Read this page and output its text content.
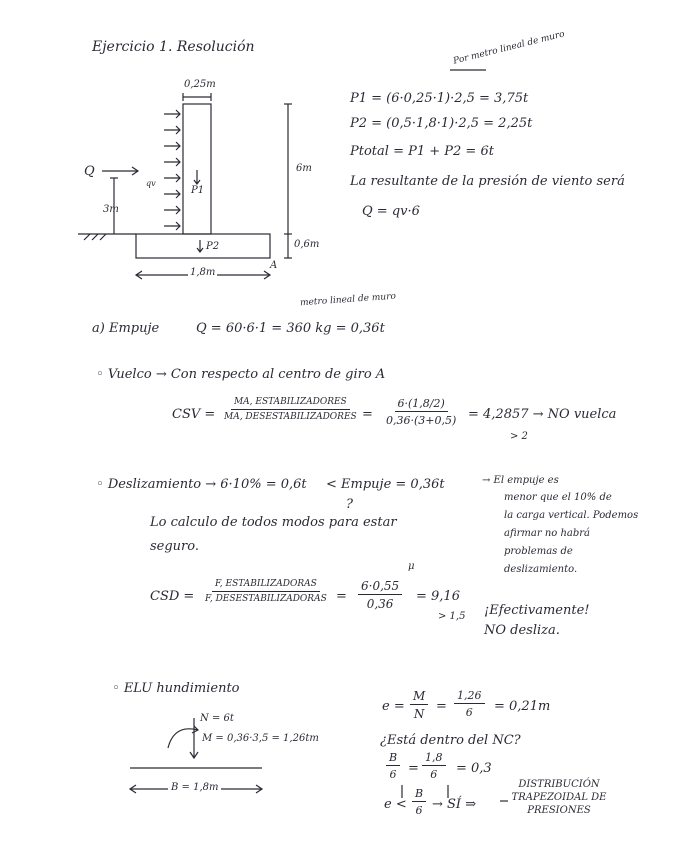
Ejercicio 1. Resolución
0,25m
6m
0,6m
1,8m
Q
qv
3m
P1
P2
A
Por metro lineal de muro
P1 = (6·0,25·1)·2,5 = 3,75t
P2 = (0,5·1,8·1)·2,5 = 2,25t
Ptotal = P1 + P2 = 6t
La resultante de la presión de viento será
Q = qv·6
metro lineal de muro
a) Empuje	Q = 60·6·1 = 360 kg = 0,36t
◦ Vuelco → Con respecto al centro de giro A
CSV =
MA, ESTABILIZADORES
MA, DESESTABILIZADORES = $\frac{6\cdot(1,8/2)}{0,36\cdot(3+0,5)} = 4,2857$ → NO vuelca
> 2
◦ Deslizamiento → 6·10% = 0,6t < Empuje = 0,36t
?
Lo calculo de todos modos para estar
seguro.
→ El empuje es
menor que el 10% de
la carga vertical. Podemos
afirmar no habrá
problemas de
deslizamiento.
μ
CSD =
F, ESTABILIZADORAS
F, DESESTABILIZADORAS = $\frac{6\cdot 0,55}{0,36} = 9,16$
> 1,5 ¡Efectivamente!
NO desliza.
◦ ELU hundimiento
N = 6t
M = 0,36·3,5 = 1,26tm
B = 1,8m
$e = \frac{M}{N} = \frac{1,26}{6} = 0,21m$
¿Está dentro del NC?
$\frac{B}{6} = \frac{1,8}{6} = 0,3$
$e < \frac{B}{6}$ → SÍ ⇒
DISTRIBUCIÓN
TRAPEZOIDAL DE
PRESIONES
